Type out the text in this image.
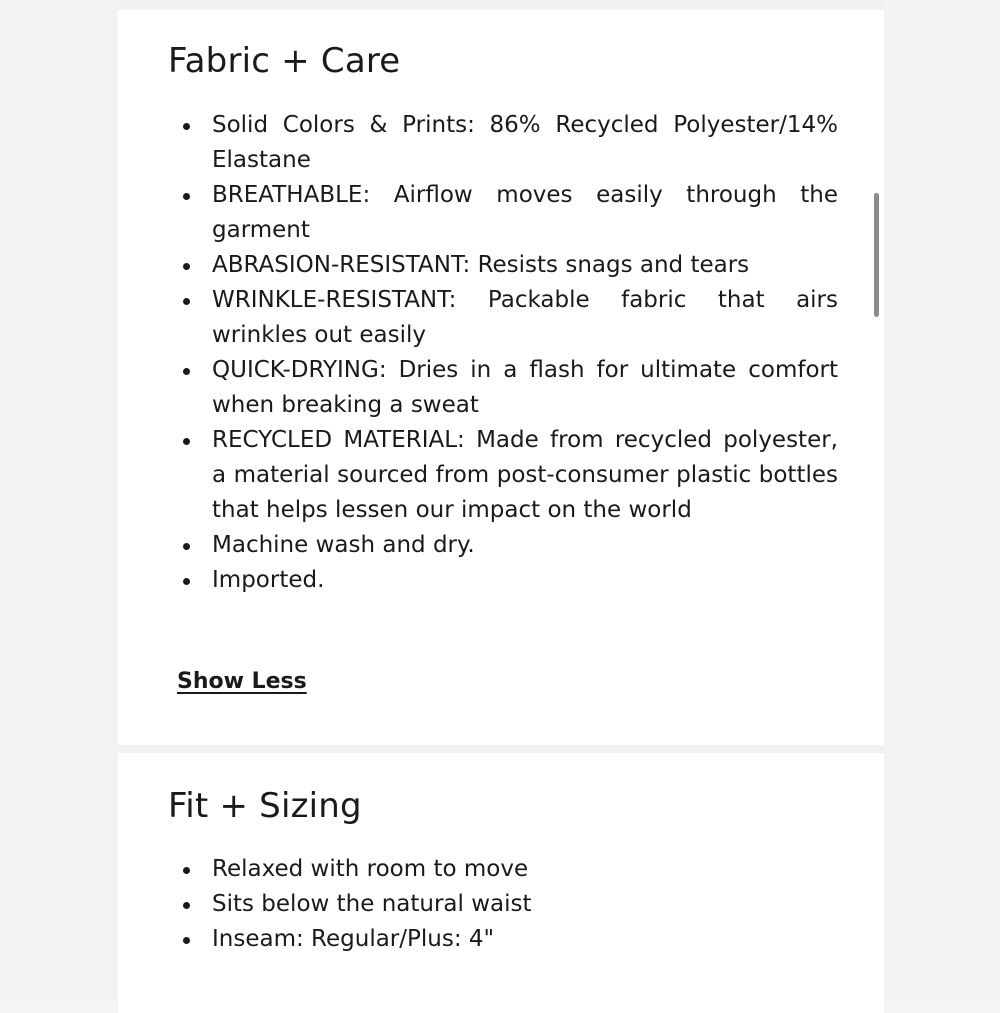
Fabric + Care
Solid Colors & Prints: 86% Recycled Polyester/14% Elastane
BREATHABLE: Airflow moves easily through the garment
ABRASION-RESISTANT: Resists snags and tears
WRINKLE-RESISTANT: Packable fabric that airs wrinkles out easily
QUICK-DRYING: Dries in a flash for ultimate comfort when breaking a sweat
RECYCLED MATERIAL: Made from recycled polyester, a material sourced from post-consumer plastic bottles that helps lessen our impact on the world
Machine wash and dry.
Imported.
Show Less
Fit + Sizing
Relaxed with room to move
Sits below the natural waist
Inseam: Regular/Plus: 4"
